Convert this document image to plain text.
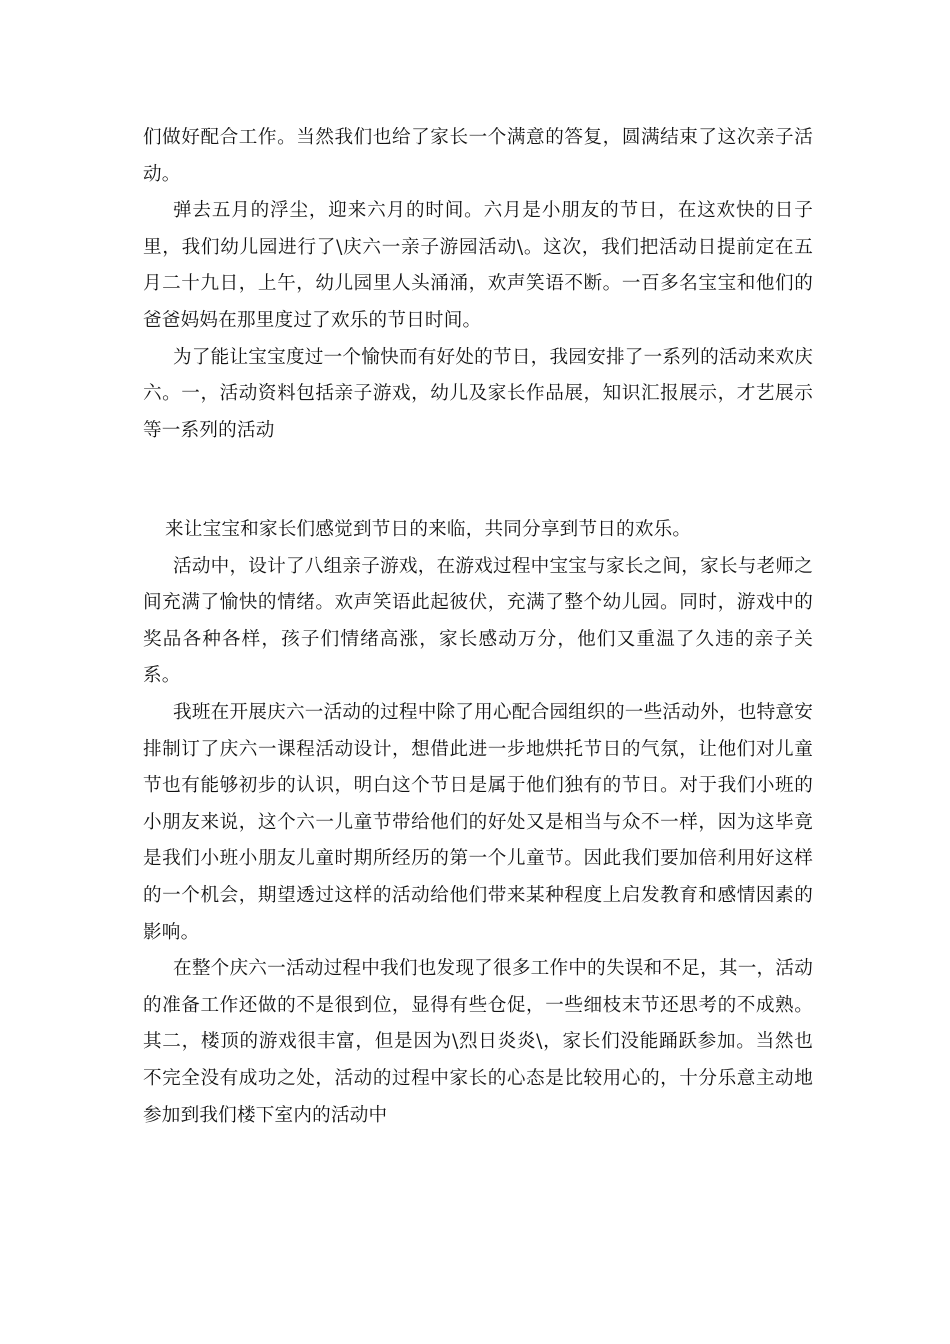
们做好配合工作。当然我们也给了家长一个满意的答复，圆满结束了这次亲子活动。

弹去五月的浮尘，迎来六月的时间。六月是小朋友的节日，在这欢快的日子里，我们幼儿园进行了\庆六一亲子游园活动\。这次，我们把活动日提前定在五月二十九日，上午，幼儿园里人头涌涌，欢声笑语不断。一百多名宝宝和他们的爸爸妈妈在那里度过了欢乐的节日时间。

为了能让宝宝度过一个愉快而有好处的节日，我园安排了一系列的活动来欢庆六。一，活动资料包括亲子游戏，幼儿及家长作品展，知识汇报展示，才艺展示等一系列的活动

来让宝宝和家长们感觉到节日的来临，共同分享到节日的欢乐。

活动中，设计了八组亲子游戏，在游戏过程中宝宝与家长之间，家长与老师之间充满了愉快的情绪。欢声笑语此起彼伏，充满了整个幼儿园。同时，游戏中的奖品各种各样，孩子们情绪高涨，家长感动万分，他们又重温了久违的亲子关系。

我班在开展庆六一活动的过程中除了用心配合园组织的一些活动外，也特意安排制订了庆六一课程活动设计，想借此进一步地烘托节日的气氛，让他们对儿童节也有能够初步的认识，明白这个节日是属于他们独有的节日。对于我们小班的小朋友来说，这个六一儿童节带给他们的好处又是相当与众不一样，因为这毕竟是我们小班小朋友儿童时期所经历的第一个儿童节。因此我们要加倍利用好这样的一个机会，期望透过这样的活动给他们带来某种程度上启发教育和感情因素的影响。

在整个庆六一活动过程中我们也发现了很多工作中的失误和不足，其一，活动的准备工作还做的不是很到位，显得有些仓促，一些细枝末节还思考的不成熟。其二，楼顶的游戏很丰富，但是因为\烈日炎炎\，家长们没能踊跃参加。当然也不完全没有成功之处，活动的过程中家长的心态是比较用心的，十分乐意主动地参加到我们楼下室内的活动中
